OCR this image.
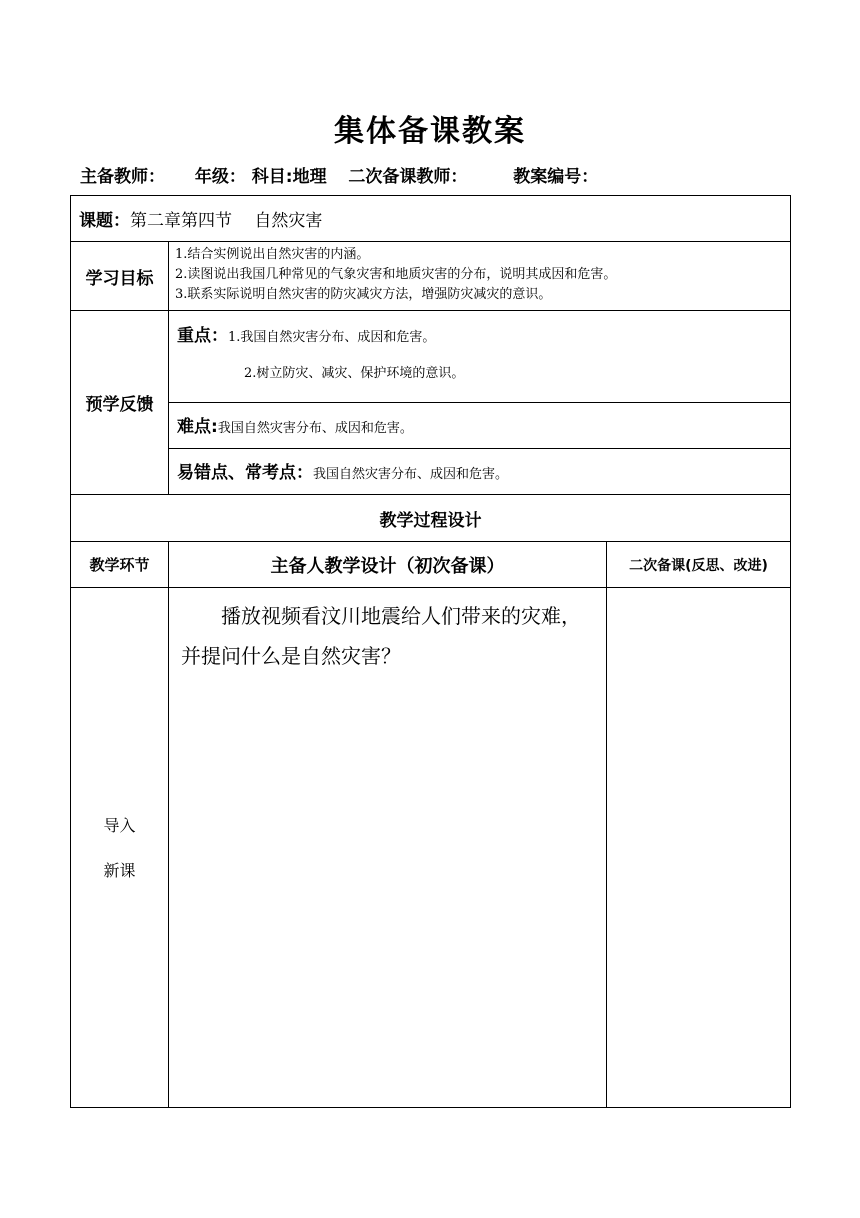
集体备课教案
主备教师： 年级： 科目:地理 二次备课教师：	教案编号：
课题：第二章第四节　 自然灾害		
学习目标	1.结合实例说出自然灾害的内涵。
2.读图说出我国几种常见的气象灾害和地质灾害的分布，说明其成因和危害。
3.联系实际说明自然灾害的防灾减灾方法，增强防灾减灾的意识。	

预学反馈	重点：1.我国自然灾害分布、成因和危害。
2.树立防灾、减灾、保护环境的意识。	

	难点:我国自然灾害分布、成因和危害。	
	易错点、常考点：我国自然灾害分布、成因和危害。	
教学过程设计		
教学环节	主备人教学设计（初次备课）	二次备课(反思、改进)

导入
新课	播放视频看汶川地震给人们带来的灾难，并提问什么是自然灾害？	
